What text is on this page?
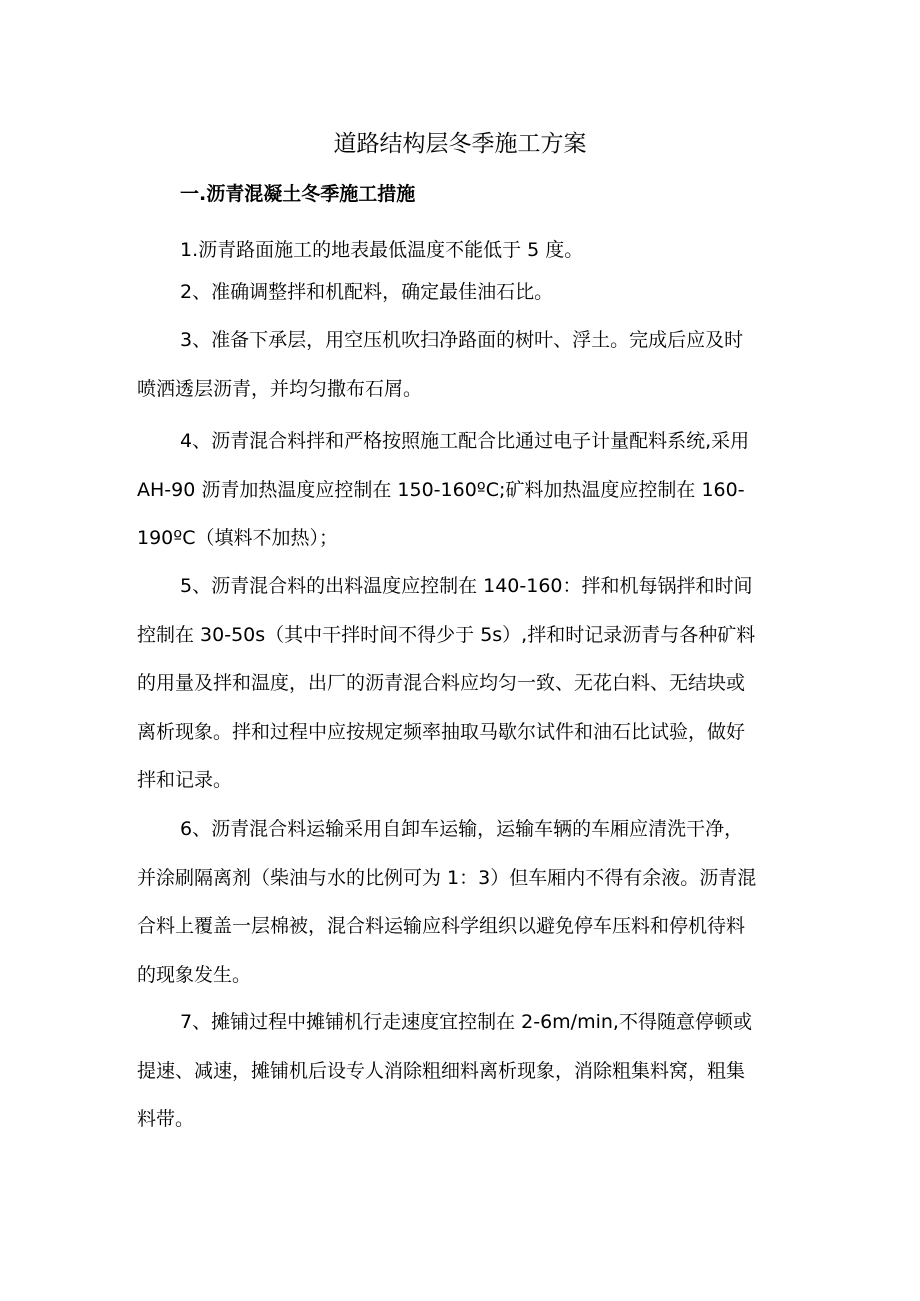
道路结构层冬季施工方案
一.沥青混凝土冬季施工措施
1.沥青路面施工的地表最低温度不能低于 5 度。
2、准确调整拌和机配料，确定最佳油石比。
3、准备下承层，用空压机吹扫净路面的树叶、浮土。完成后应及时
喷洒透层沥青，并均匀撒布石屑。
4、沥青混合料拌和严格按照施工配合比通过电子计量配料系统,采用
AH-90 沥青加热温度应控制在 150-160ºC;矿料加热温度应控制在 160-
190ºC（填料不加热）；
5、沥青混合料的出料温度应控制在 140-160：拌和机每锅拌和时间
控制在 30-50s（其中干拌时间不得少于 5s）,拌和时记录沥青与各种矿料
的用量及拌和温度，出厂的沥青混合料应均匀一致、无花白料、无结块或
离析现象。拌和过程中应按规定频率抽取马歇尔试件和油石比试验，做好
拌和记录。
6、沥青混合料运输采用自卸车运输，运输车辆的车厢应清洗干净，
并涂刷隔离剂（柴油与水的比例可为 1：3）但车厢内不得有余液。沥青混
合料上覆盖一层棉被，混合料运输应科学组织以避免停车压料和停机待料
的现象发生。
7、摊铺过程中摊铺机行走速度宜控制在 2-6m∕min,不得随意停顿或
提速、减速，摊铺机后设专人消除粗细料离析现象，消除粗集料窝，粗集
料带。
